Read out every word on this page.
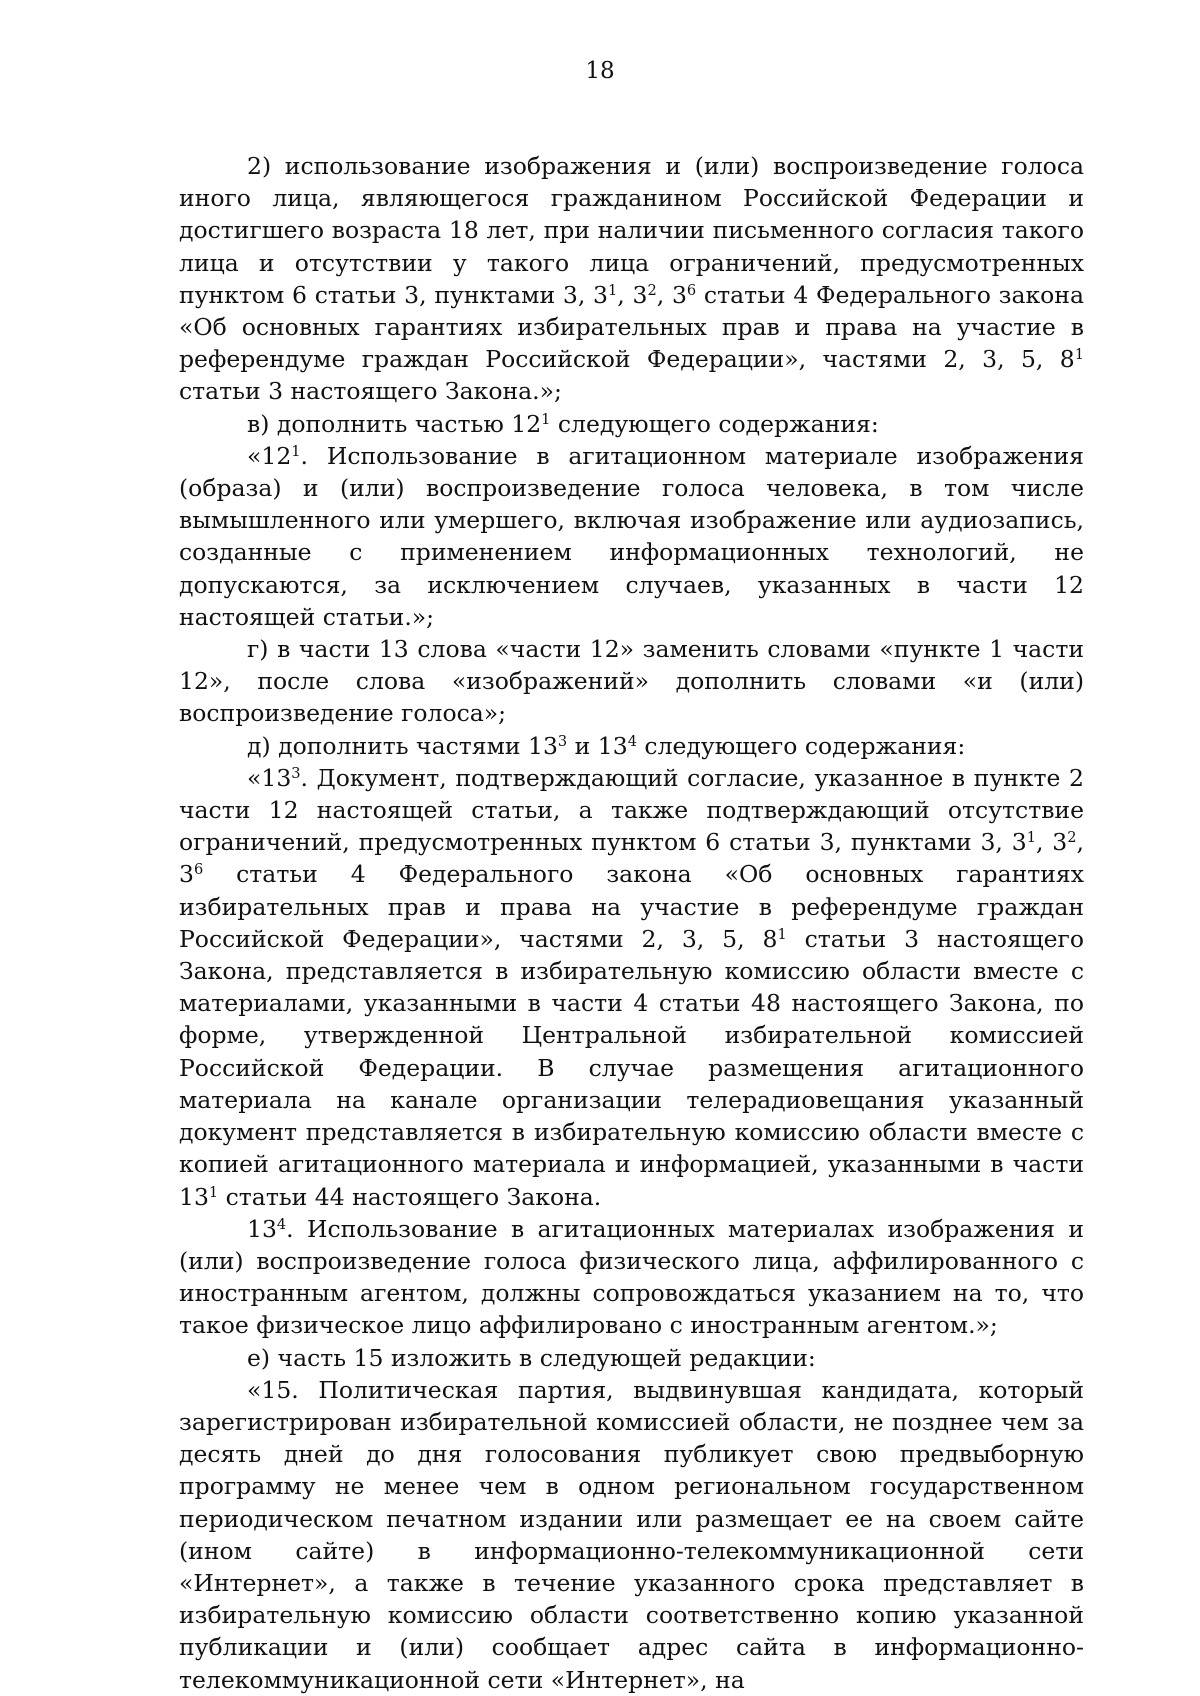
18

2) использование изображения и (или) воспроизведение голоса иного лица, являющегося гражданином Российской Федерации и достигшего возраста 18 лет, при наличии письменного согласия такого лица и отсутствии у такого лица ограничений, предусмотренных пунктом 6 статьи 3, пунктами 3, $3^1$, $3^2$, $3^6$ статьи 4 Федерального закона «Об основных гарантиях избирательных прав и права на участие в референдуме граждан Российской Федерации», частями 2, 3, 5, $8^1$ статьи 3 настоящего Закона.»;

в) дополнить частью $12^1$ следующего содержания:

«$12^1$. Использование в агитационном материале изображения (образа) и (или) воспроизведение голоса человека, в том числе вымышленного или умершего, включая изображение или аудиозапись, созданные с применением информационных технологий, не допускаются, за исключением случаев, указанных в части 12 настоящей статьи.»;

г) в части 13 слова «части 12» заменить словами «пункте 1 части 12», после слова «изображений» дополнить словами «и (или) воспроизведение голоса»;

д) дополнить частями $13^3$ и $13^4$ следующего содержания:

«$13^3$. Документ, подтверждающий согласие, указанное в пункте 2 части 12 настоящей статьи, а также подтверждающий отсутствие ограничений, предусмотренных пунктом 6 статьи 3, пунктами 3, $3^1$, $3^2$, $3^6$ статьи 4 Федерального закона «Об основных гарантиях избирательных прав и права на участие в референдуме граждан Российской Федерации», частями 2, 3, 5, $8^1$ статьи 3 настоящего Закона, представляется в избирательную комиссию области вместе с материалами, указанными в части 4 статьи 48 настоящего Закона, по форме, утвержденной Центральной избирательной комиссией Российской Федерации. В случае размещения агитационного материала на канале организации телерадиовещания указанный документ представляется в избирательную комиссию области вместе с копией агитационного материала и информацией, указанными в части $13^1$ статьи 44 настоящего Закона.

$13^4$. Использование в агитационных материалах изображения и (или) воспроизведение голоса физического лица, аффилированного с иностранным агентом, должны сопровождаться указанием на то, что такое физическое лицо аффилировано с иностранным агентом.»;

е) часть 15 изложить в следующей редакции:

«15. Политическая партия, выдвинувшая кандидата, который зарегистрирован избирательной комиссией области, не позднее чем за десять дней до дня голосования публикует свою предвыборную программу не менее чем в одном региональном государственном периодическом печатном издании или размещает ее на своем сайте (ином сайте) в информационно-телекоммуникационной сети «Интернет», а также в течение указанного срока представляет в избирательную комиссию области соответственно копию указанной публикации и (или) сообщает адрес сайта в информационно-телекоммуникационной сети «Интернет», на
